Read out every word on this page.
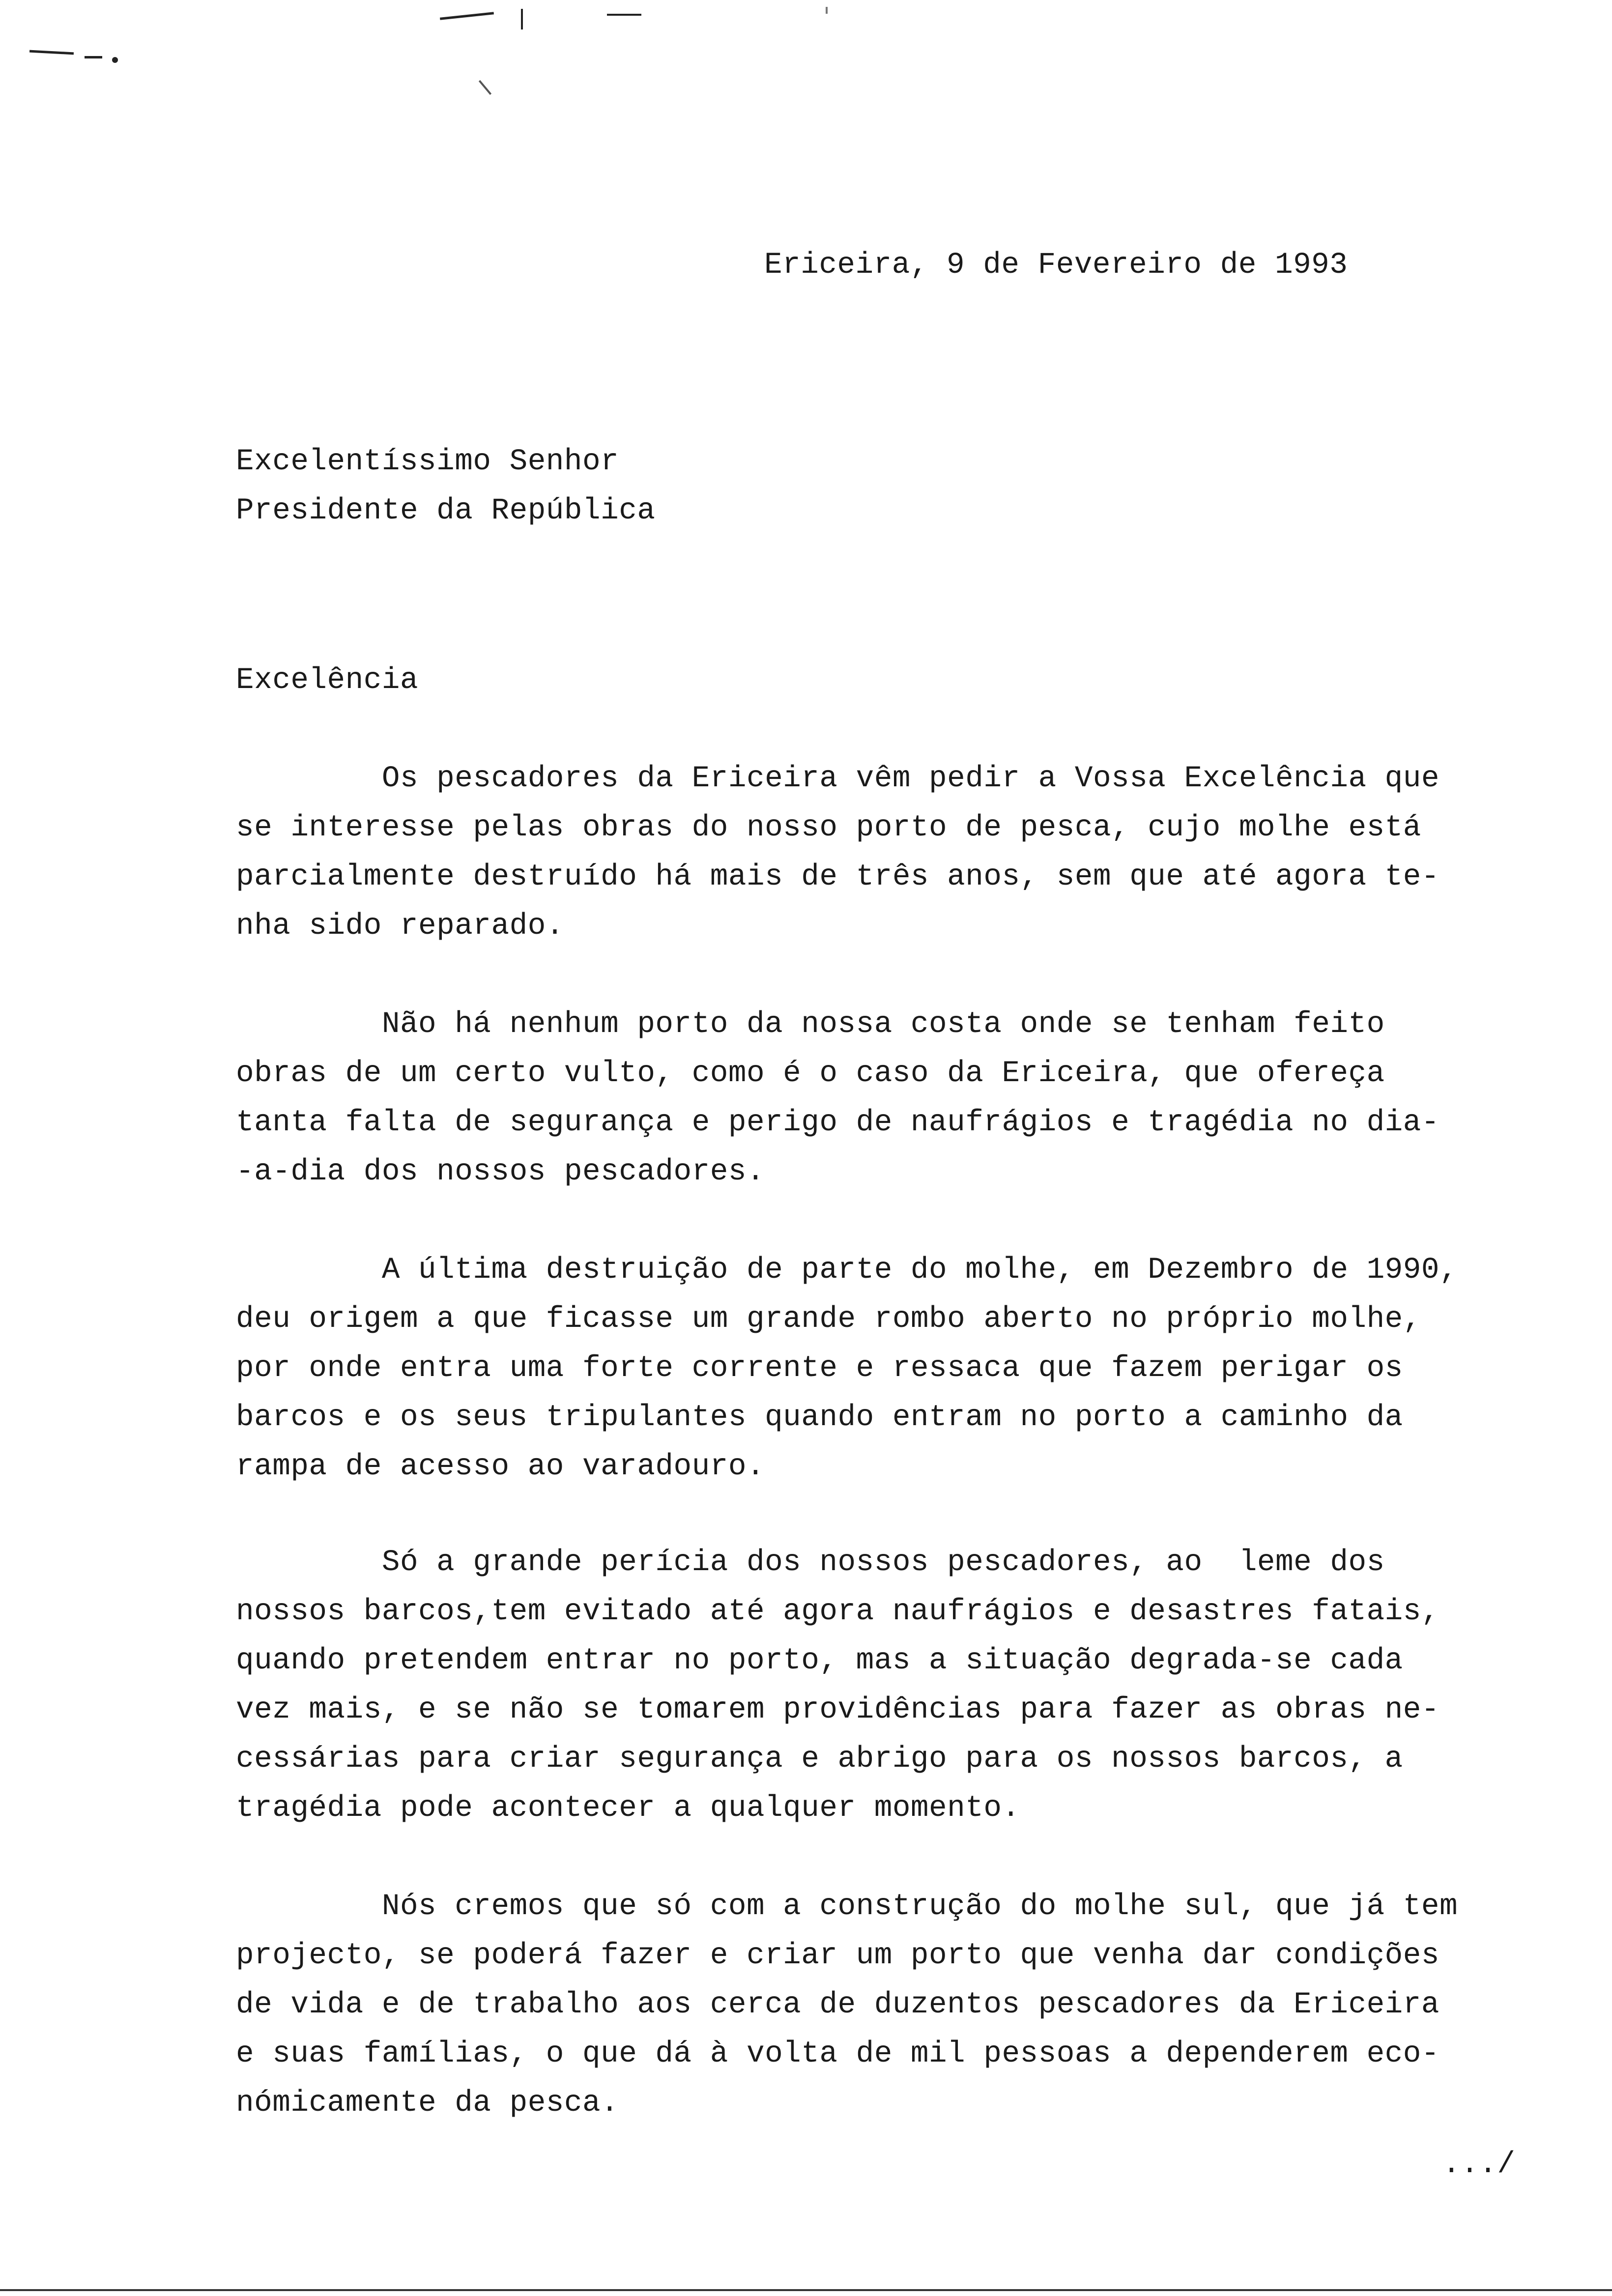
Ericeira, 9 de Fevereiro de 1993
Excelentíssimo Senhor
Presidente da República
Excelência
Os pescadores da Ericeira vêm pedir a Vossa Excelência que
se interesse pelas obras do nosso porto de pesca, cujo molhe está
parcialmente destruído há mais de três anos, sem que até agora te-
nha sido reparado.
Não há nenhum porto da nossa costa onde se tenham feito
obras de um certo vulto, como é o caso da Ericeira, que ofereça
tanta falta de segurança e perigo de naufrágios e tragédia no dia-
-a-dia dos nossos pescadores.
A última destruição de parte do molhe, em Dezembro de 1990,
deu origem a que ficasse um grande rombo aberto no próprio molhe,
por onde entra uma forte corrente e ressaca que fazem perigar os
barcos e os seus tripulantes quando entram no porto a caminho da
rampa de acesso ao varadouro.
Só a grande perícia dos nossos pescadores, ao  leme dos
nossos barcos,tem evitado até agora naufrágios e desastres fatais,
quando pretendem entrar no porto, mas a situação degrada-se cada
vez mais, e se não se tomarem providências para fazer as obras ne-
cessárias para criar segurança e abrigo para os nossos barcos, a
tragédia pode acontecer a qualquer momento.
Nós cremos que só com a construção do molhe sul, que já tem
projecto, se poderá fazer e criar um porto que venha dar condições
de vida e de trabalho aos cerca de duzentos pescadores da Ericeira
e suas famílias, o que dá à volta de mil pessoas a dependerem eco-
nómicamente da pesca.
.../
